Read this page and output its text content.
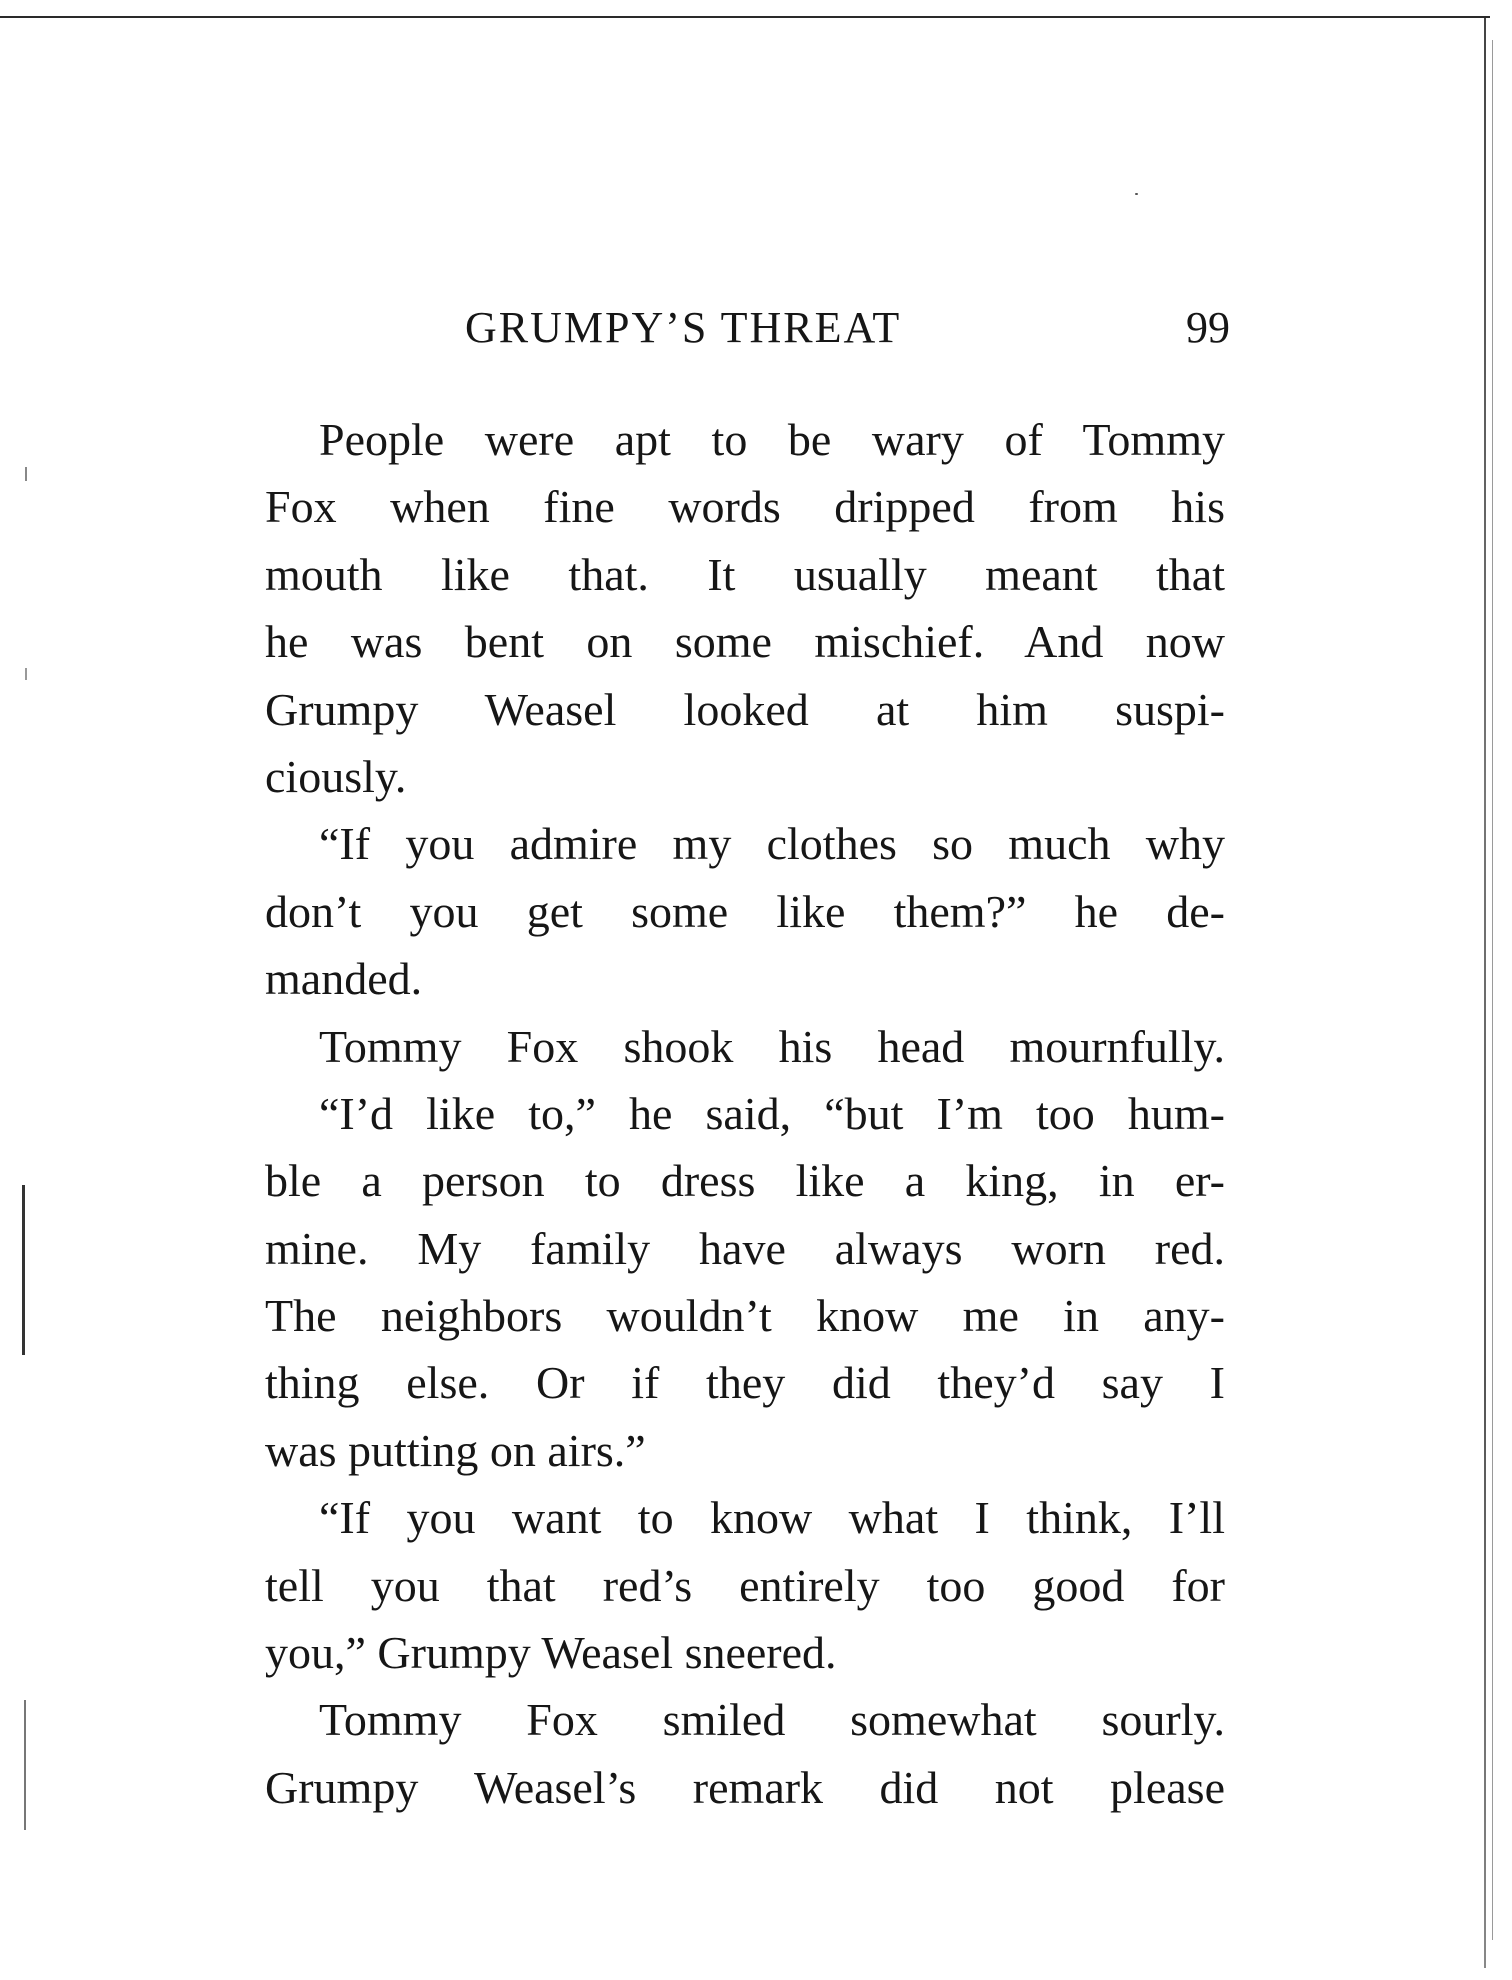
GRUMPY’S THREAT	99
People were apt to be wary of Tommy
Fox when fine words dripped from his
mouth like that. It usually meant that
he was bent on some mischief. And now
Grumpy Weasel looked at him suspi-
ciously.
“If you admire my clothes so much why
don’t you get some like them?” he de-
manded.
Tommy Fox shook his head mournfully.
“I’d like to,” he said, “but I’m too hum-
ble a person to dress like a king, in er-
mine. My family have always worn red.
The neighbors wouldn’t know me in any-
thing else. Or if they did they’d say I
was putting on airs.”
“If you want to know what I think, I’ll
tell you that red’s entirely too good for
you,” Grumpy Weasel sneered.
Tommy Fox smiled somewhat sourly.
Grumpy Weasel’s remark did not please
